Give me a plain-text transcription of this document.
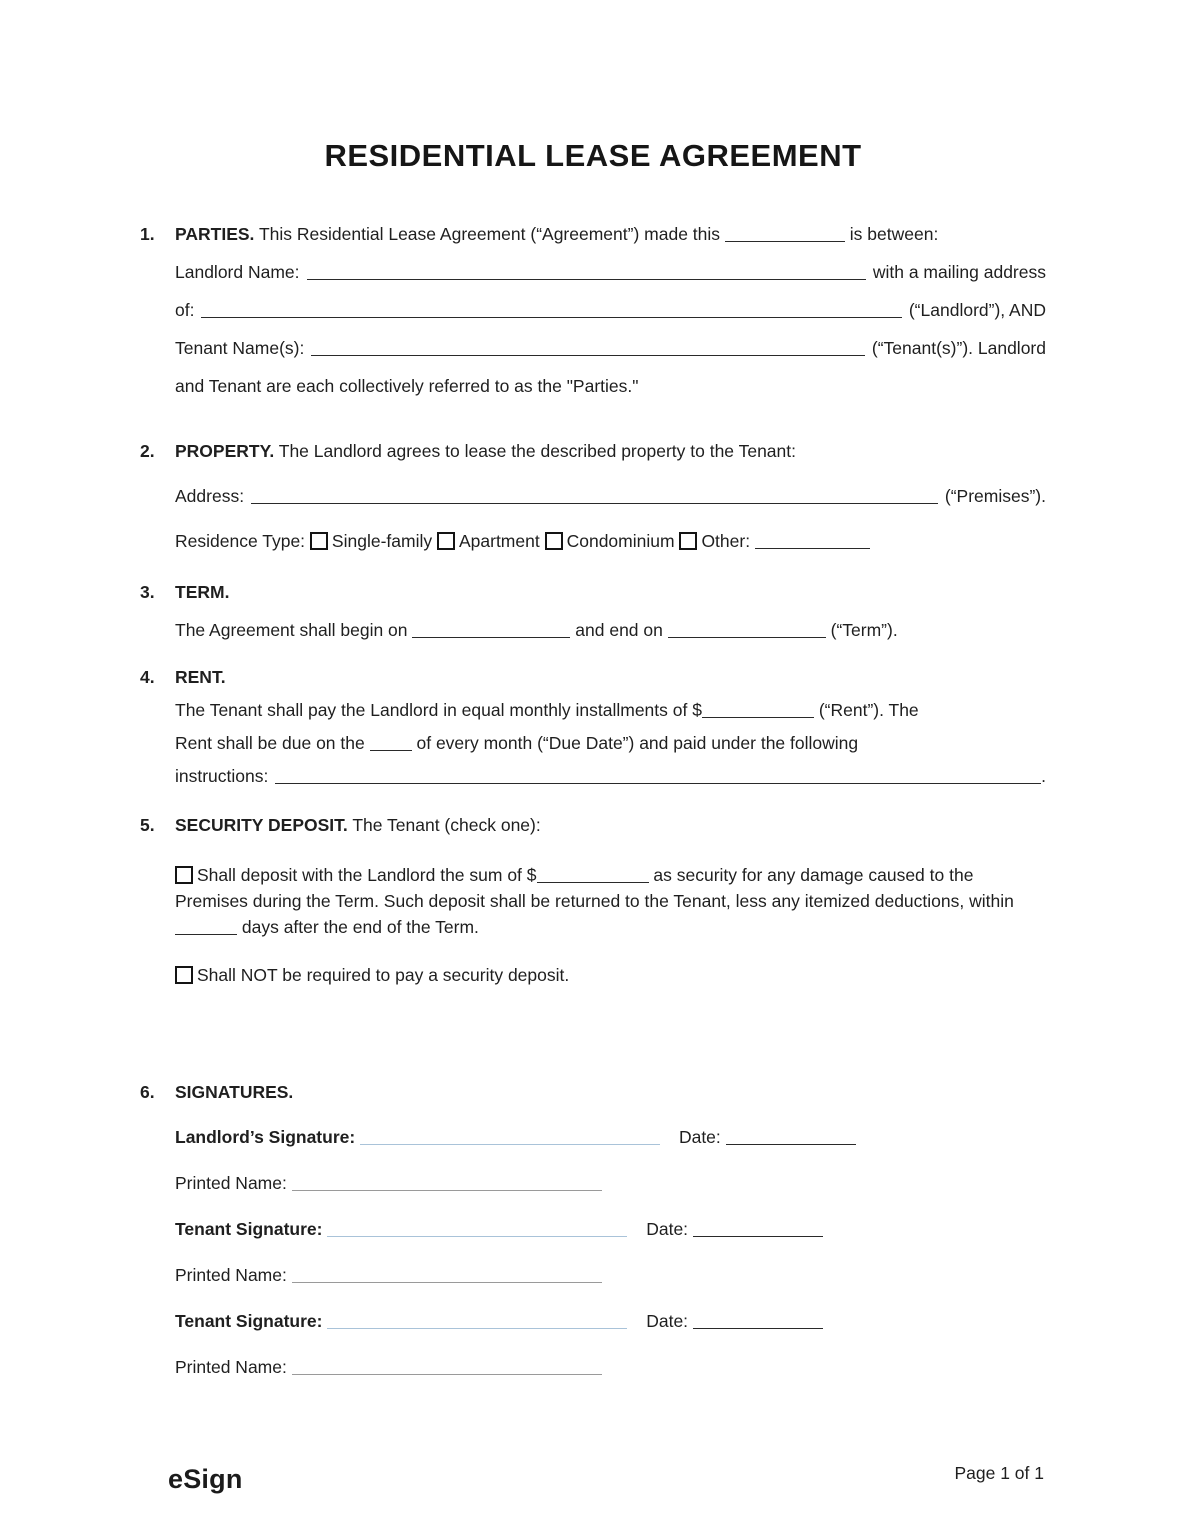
RESIDENTIAL LEASE AGREEMENT
1. PARTIES. This Residential Lease Agreement (“Agreement”) made this	is between:
Landlord Name:	with a mailing address
of:	(“Landlord”), AND
Tenant Name(s):	(“Tenant(s)”). Landlord
and Tenant are each collectively referred to as the "Parties."
2. PROPERTY. The Landlord agrees to lease the described property to the Tenant:
Address:	(“Premises”).
Residence Type: Single-family Apartment Condominium Other:
3. TERM.
The Agreement shall begin on	and end on	(“Term”).
4. RENT.
The Tenant shall pay the Landlord in equal monthly installments of $	(“Rent”). The
Rent shall be due on the	of every month (“Due Date”) and paid under the following
instructions:	.
5. SECURITY DEPOSIT. The Tenant (check one):

Shall deposit with the Landlord the sum of $	as security for any damage caused to the Premises during the Term. Such deposit shall be returned to the Tenant, less any itemized deductions, within  days after the end of the Term.

Shall NOT be required to pay a security deposit.

6. SIGNATURES.
Landlord’s Signature:	Date:
Printed Name:
Tenant Signature:	Date:
Printed Name:
Tenant Signature:	Date:
Printed Name:
eSign	Page 1 of 1
